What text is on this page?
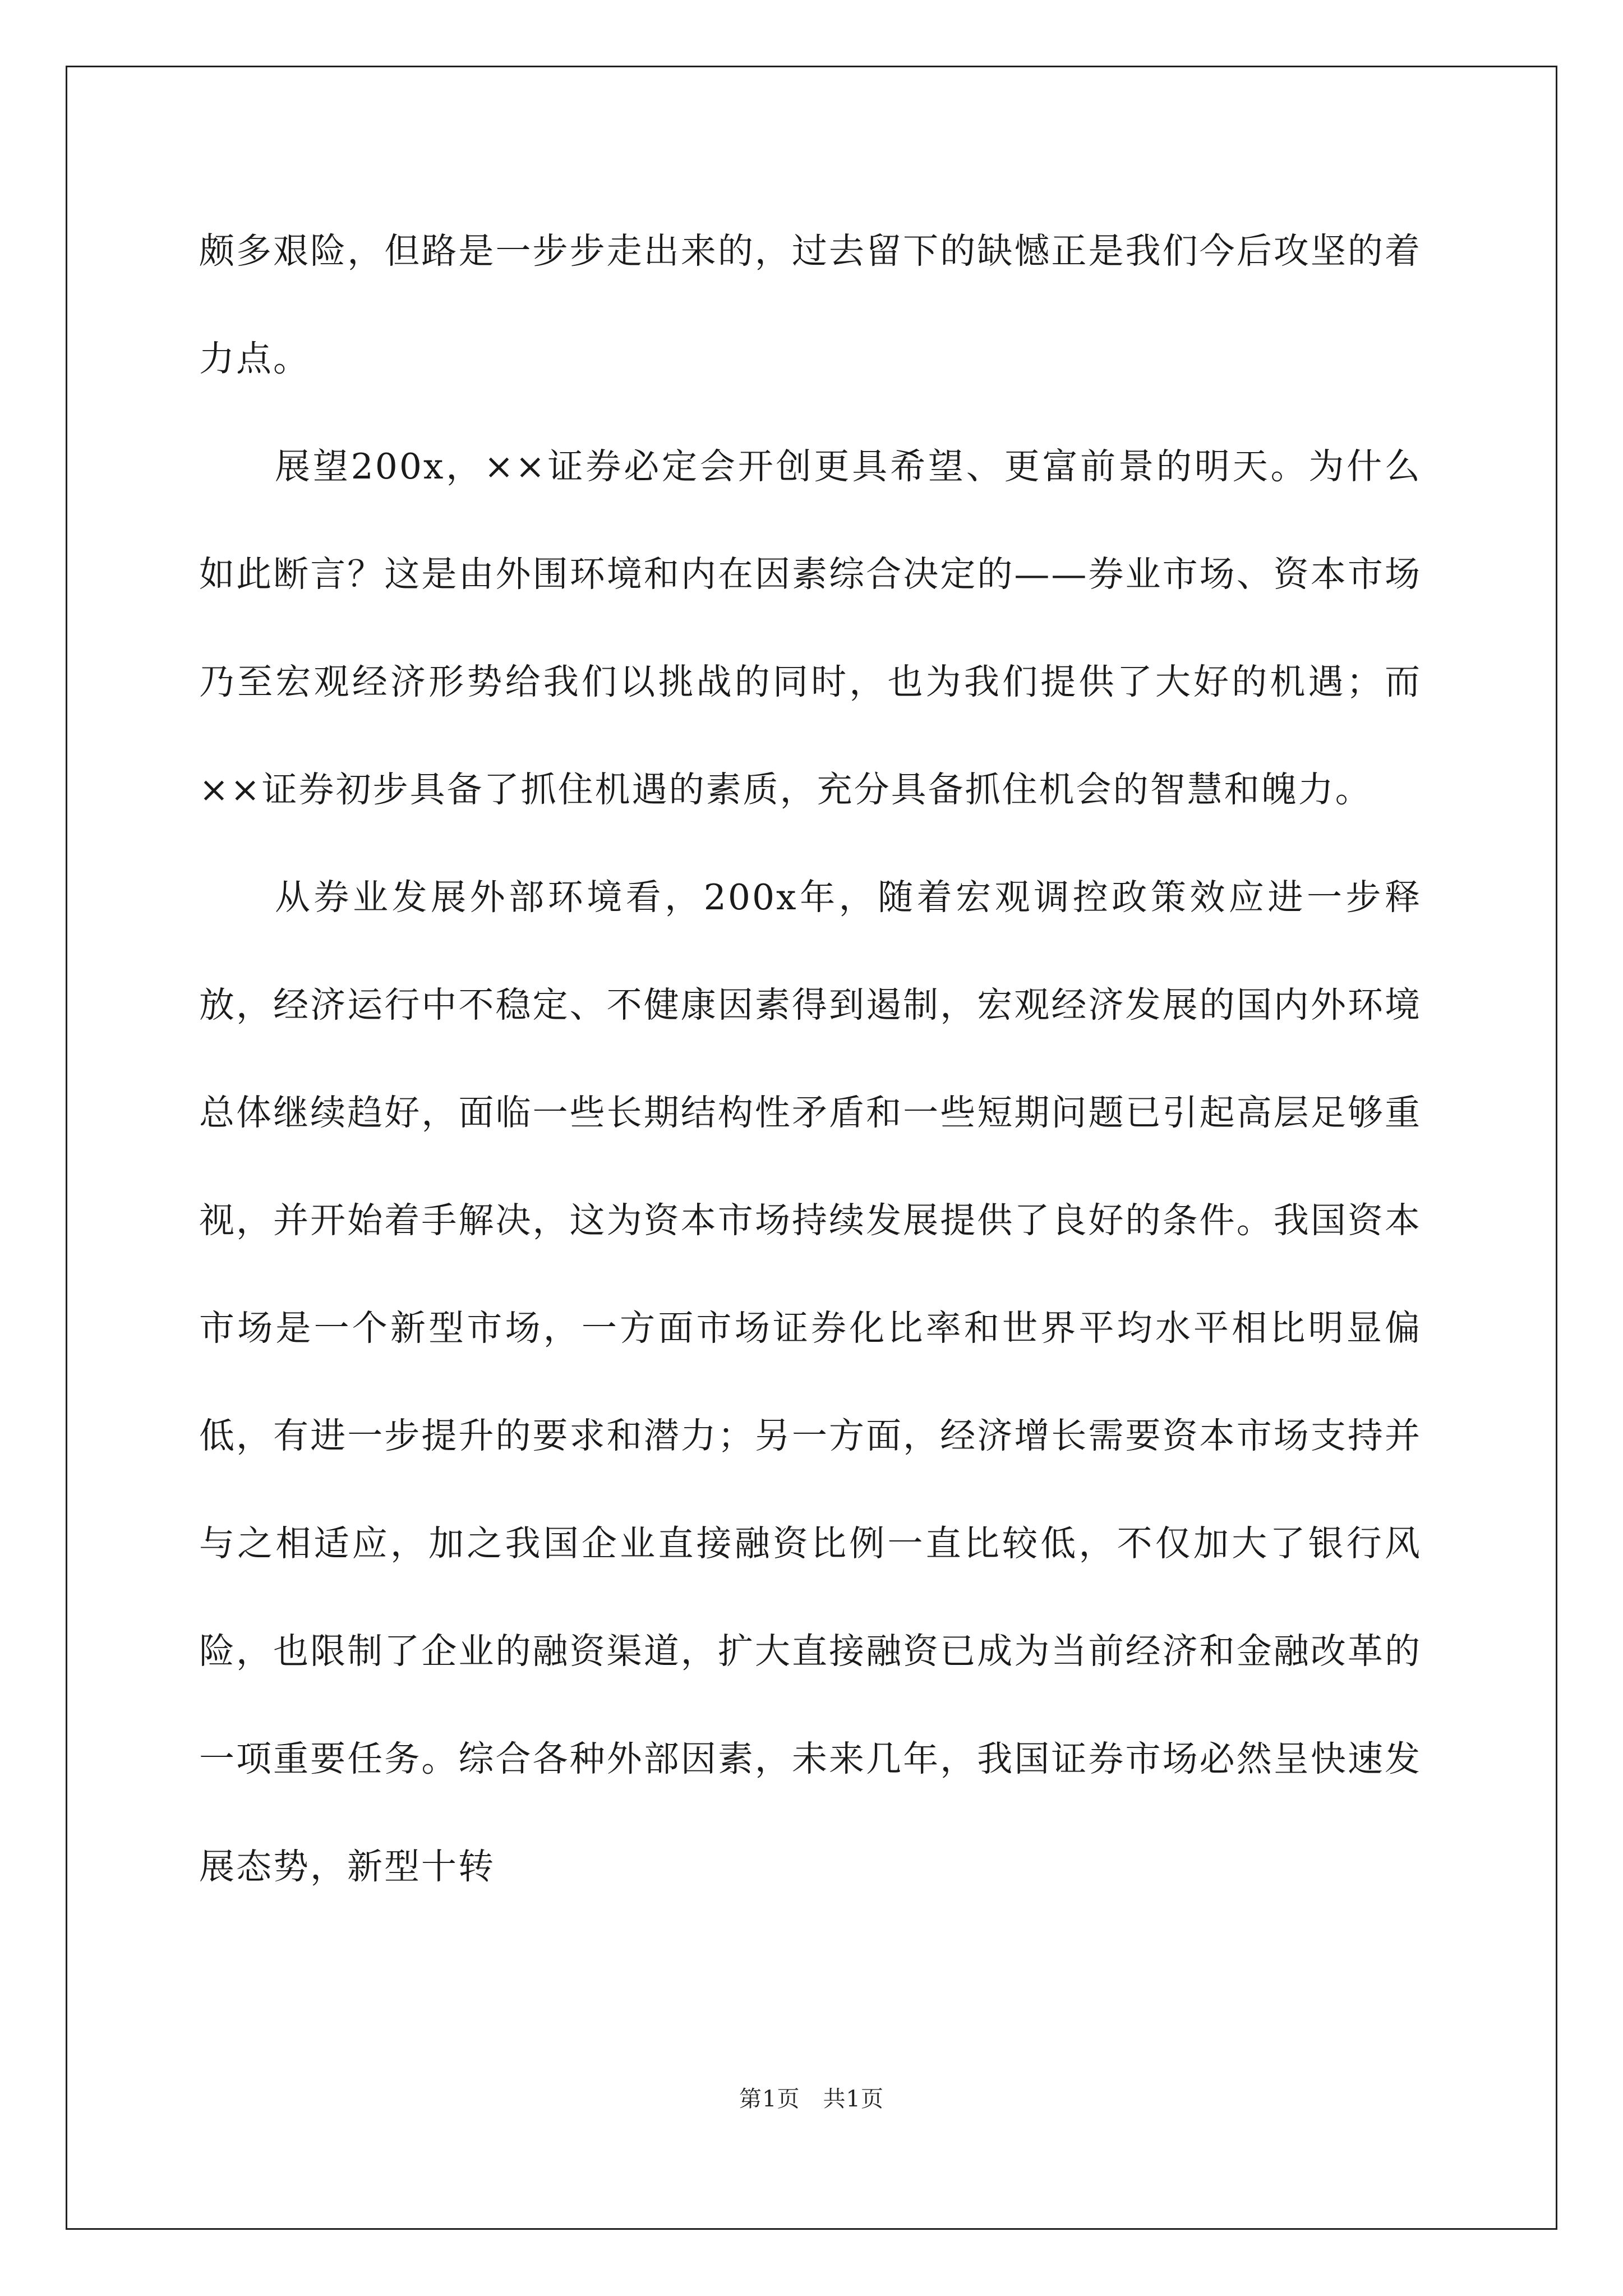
颇多艰险，但路是一步步走出来的，过去留下的缺憾正是我们今后攻坚的着力点。

展望200x，××证券必定会开创更具希望、更富前景的明天。为什么如此断言？这是由外围环境和内在因素综合决定的——券业市场、资本市场乃至宏观经济形势给我们以挑战的同时，也为我们提供了大好的机遇；而××证券初步具备了抓住机遇的素质，充分具备抓住机会的智慧和魄力。

从券业发展外部环境看，200x年，随着宏观调控政策效应进一步释放，经济运行中不稳定、不健康因素得到遏制，宏观经济发展的国内外环境总体继续趋好，面临一些长期结构性矛盾和一些短期问题已引起高层足够重视，并开始着手解决，这为资本市场持续发展提供了良好的条件。我国资本市场是一个新型市场，一方面市场证券化比率和世界平均水平相比明显偏低，有进一步提升的要求和潜力；另一方面，经济增长需要资本市场支持并与之相适应，加之我国企业直接融资比例一直比较低，不仅加大了银行风险，也限制了企业的融资渠道，扩大直接融资已成为当前经济和金融改革的一项重要任务。综合各种外部因素，未来几年，我国证券市场必然呈快速发展态势，新型十转

第1页　共1页
